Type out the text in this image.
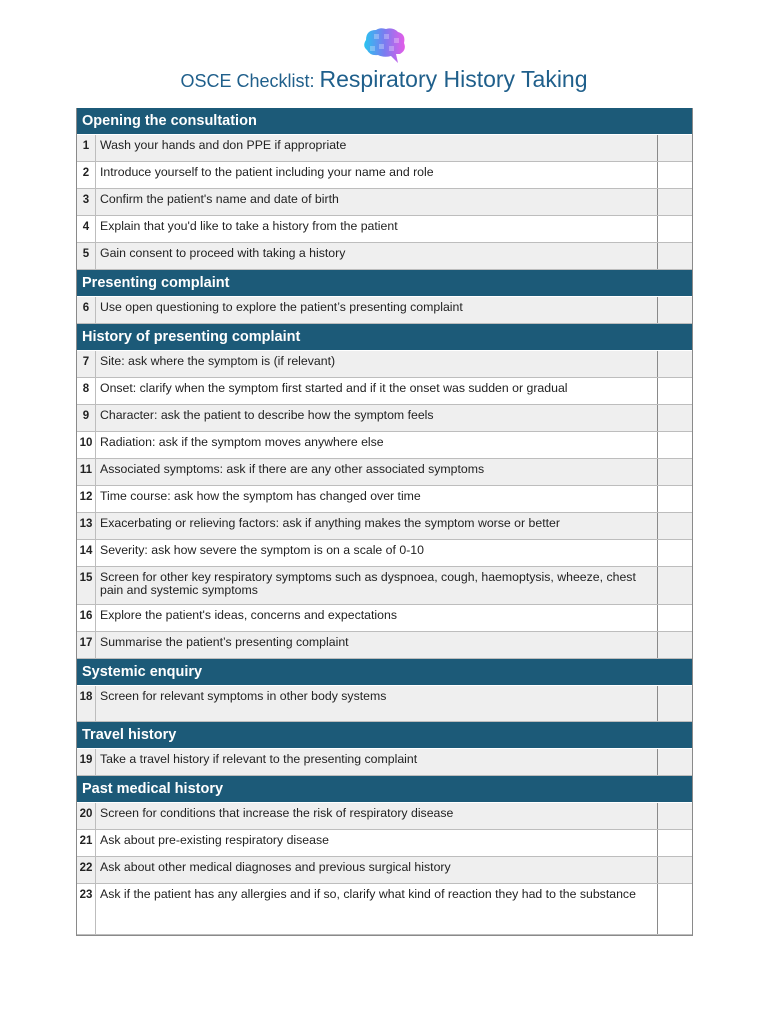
OSCE Checklist: Respiratory History Taking
Opening the consultation
1 Wash your hands and don PPE if appropriate
2 Introduce yourself to the patient including your name and role
3 Confirm the patient's name and date of birth
4 Explain that you'd like to take a history from the patient
5 Gain consent to proceed with taking a history
Presenting complaint
6 Use open questioning to explore the patient’s presenting complaint
History of presenting complaint
7 Site: ask where the symptom is (if relevant)
8 Onset: clarify when the symptom first started and if it the onset was sudden or gradual
9 Character: ask the patient to describe how the symptom feels
10 Radiation: ask if the symptom moves anywhere else
11 Associated symptoms: ask if there are any other associated symptoms
12 Time course: ask how the symptom has changed over time
13 Exacerbating or relieving factors: ask if anything makes the symptom worse or better
14 Severity: ask how severe the symptom is on a scale of 0-10
15 Screen for other key respiratory symptoms such as dyspnoea, cough, haemoptysis, wheeze, chest pain and systemic symptoms
16 Explore the patient's ideas, concerns and expectations
17 Summarise the patient’s presenting complaint
Systemic enquiry
18 Screen for relevant symptoms in other body systems
Travel history
19 Take a travel history if relevant to the presenting complaint
Past medical history
20 Screen for conditions that increase the risk of respiratory disease
21 Ask about pre-existing respiratory disease
22 Ask about other medical diagnoses and previous surgical history
23 Ask if the patient has any allergies and if so, clarify what kind of reaction they had to the substance
